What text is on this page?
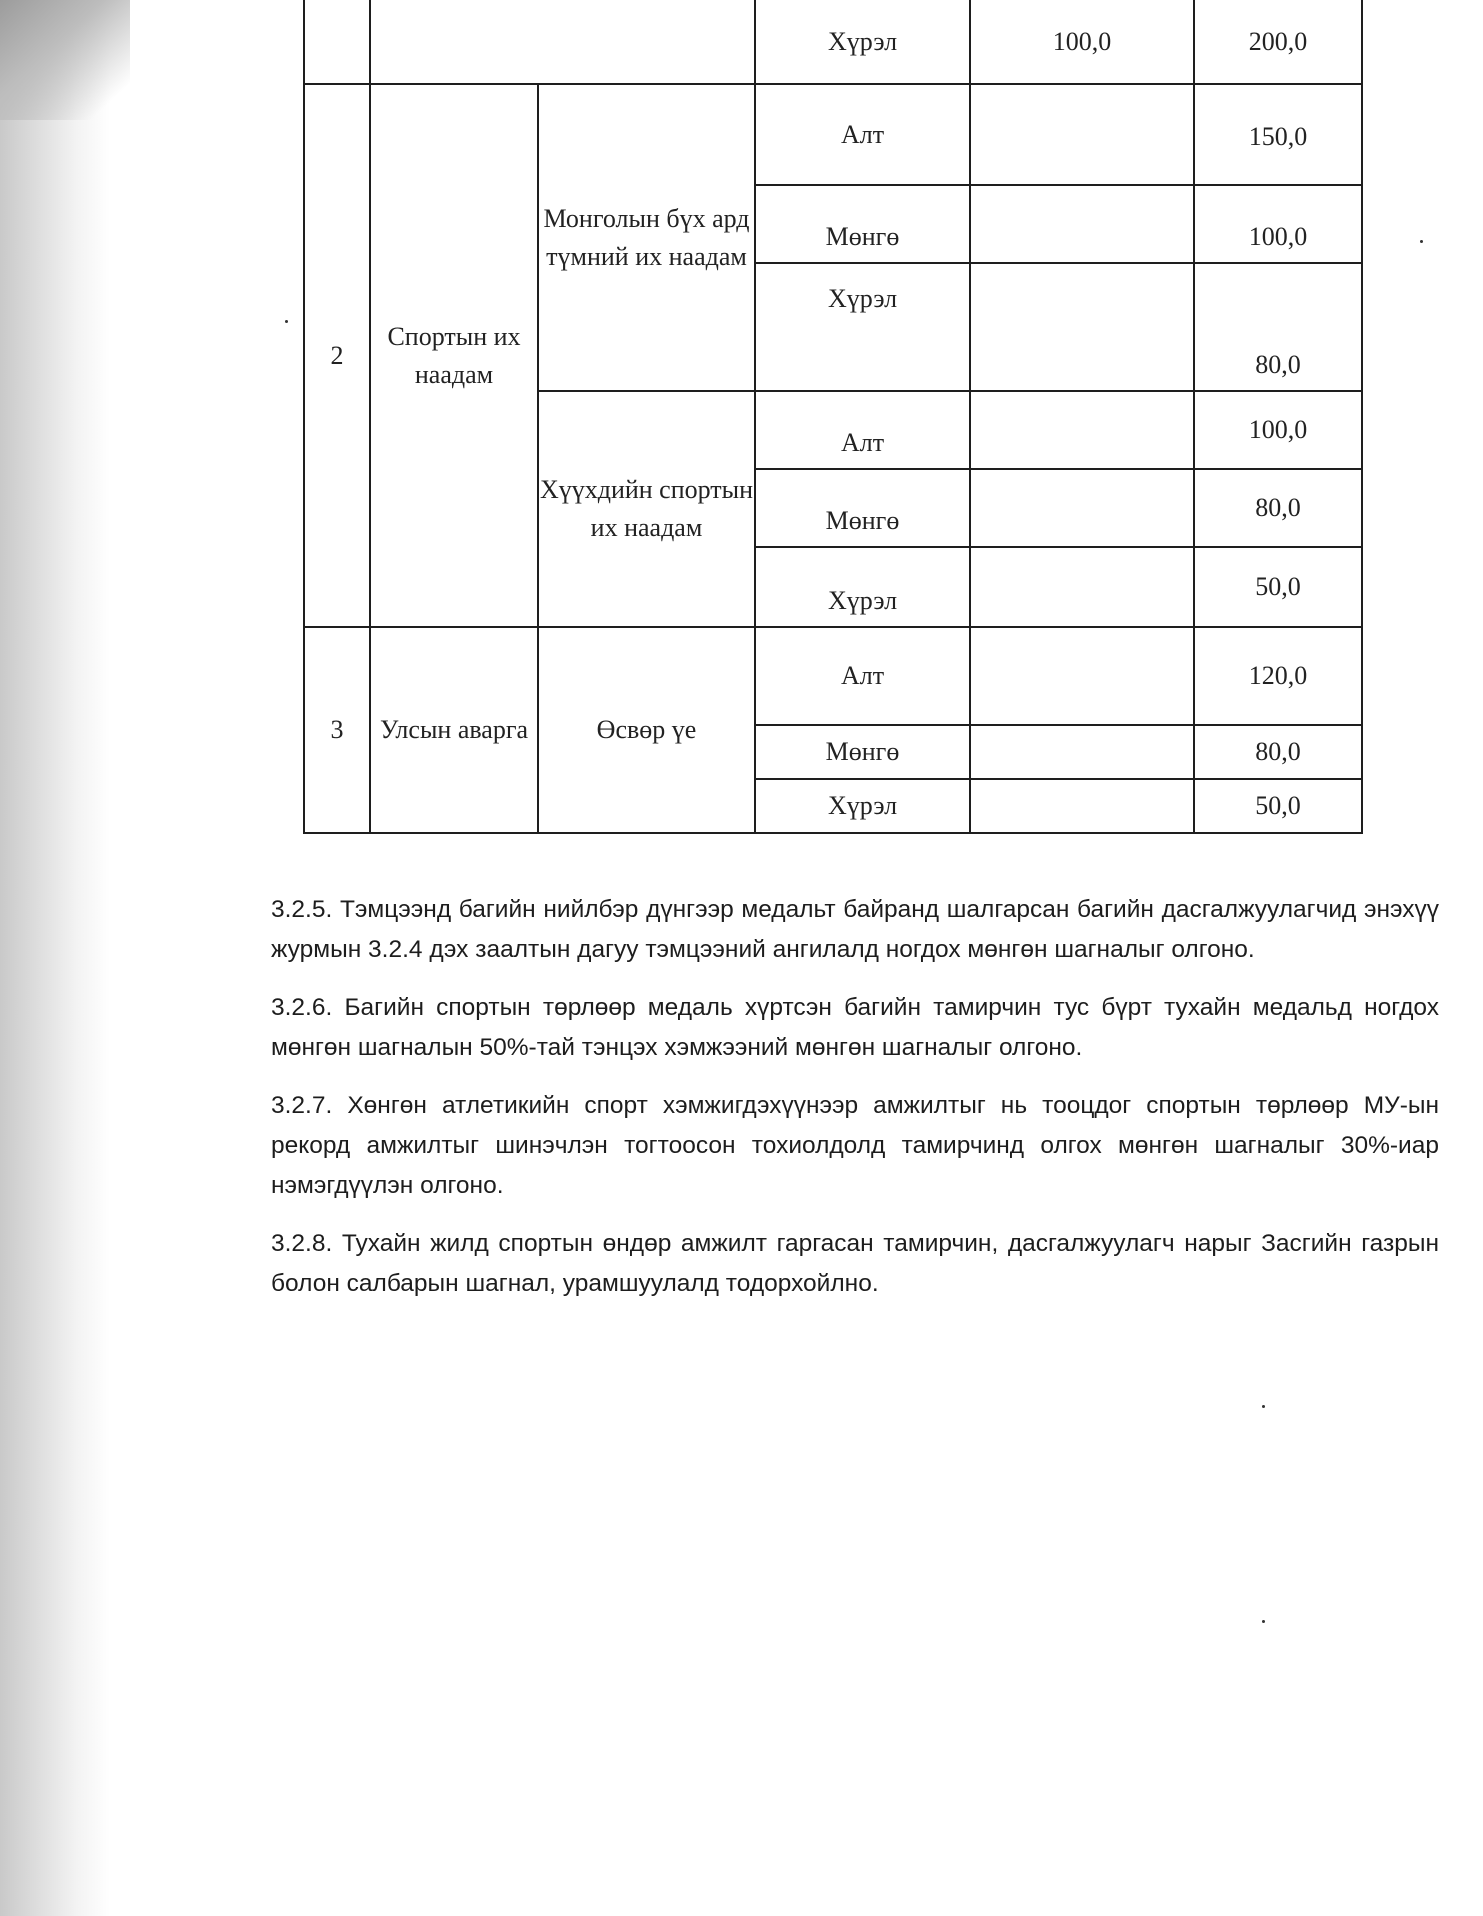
			Хүрэл	100,0	200,0
2	Спортын их наадам	Монголын бүх ард түмний их наадам	Алт		150,0
			Мөнгө		100,0
			Хүрэл		80,0
		Хүүхдийн спортын их наадам	Алт		100,0
			Мөнгө		80,0
			Хүрэл		50,0
3	Улсын аварга	Өсвөр үе	Алт		120,0
			Мөнгө		80,0
			Хүрэл		50,0

3.2.5. Тэмцээнд багийн нийлбэр дүнгээр медальт байранд шалгарсан багийн дасгалжуулагчид энэхүү журмын 3.2.4 дэх заалтын дагуу тэмцээний ангилалд ногдох мөнгөн шагналыг олгоно.

3.2.6. Багийн спортын төрлөөр медаль хүртсэн багийн тамирчин тус бүрт тухайн медальд ногдох мөнгөн шагналын 50%-тай тэнцэх хэмжээний мөнгөн шагналыг олгоно.

3.2.7. Хөнгөн атлетикийн спорт хэмжигдэхүүнээр амжилтыг нь тооцдог спортын төрлөөр МУ-ын рекорд амжилтыг шинэчлэн тогтоосон тохиолдолд тамирчинд олгох мөнгөн шагналыг 30%-иар нэмэгдүүлэн олгоно.

3.2.8. Тухайн жилд спортын өндөр амжилт гаргасан тамирчин, дасгалжуулагч нарыг Засгийн газрын болон салбарын шагнал, урамшуулалд тодорхойлно.
